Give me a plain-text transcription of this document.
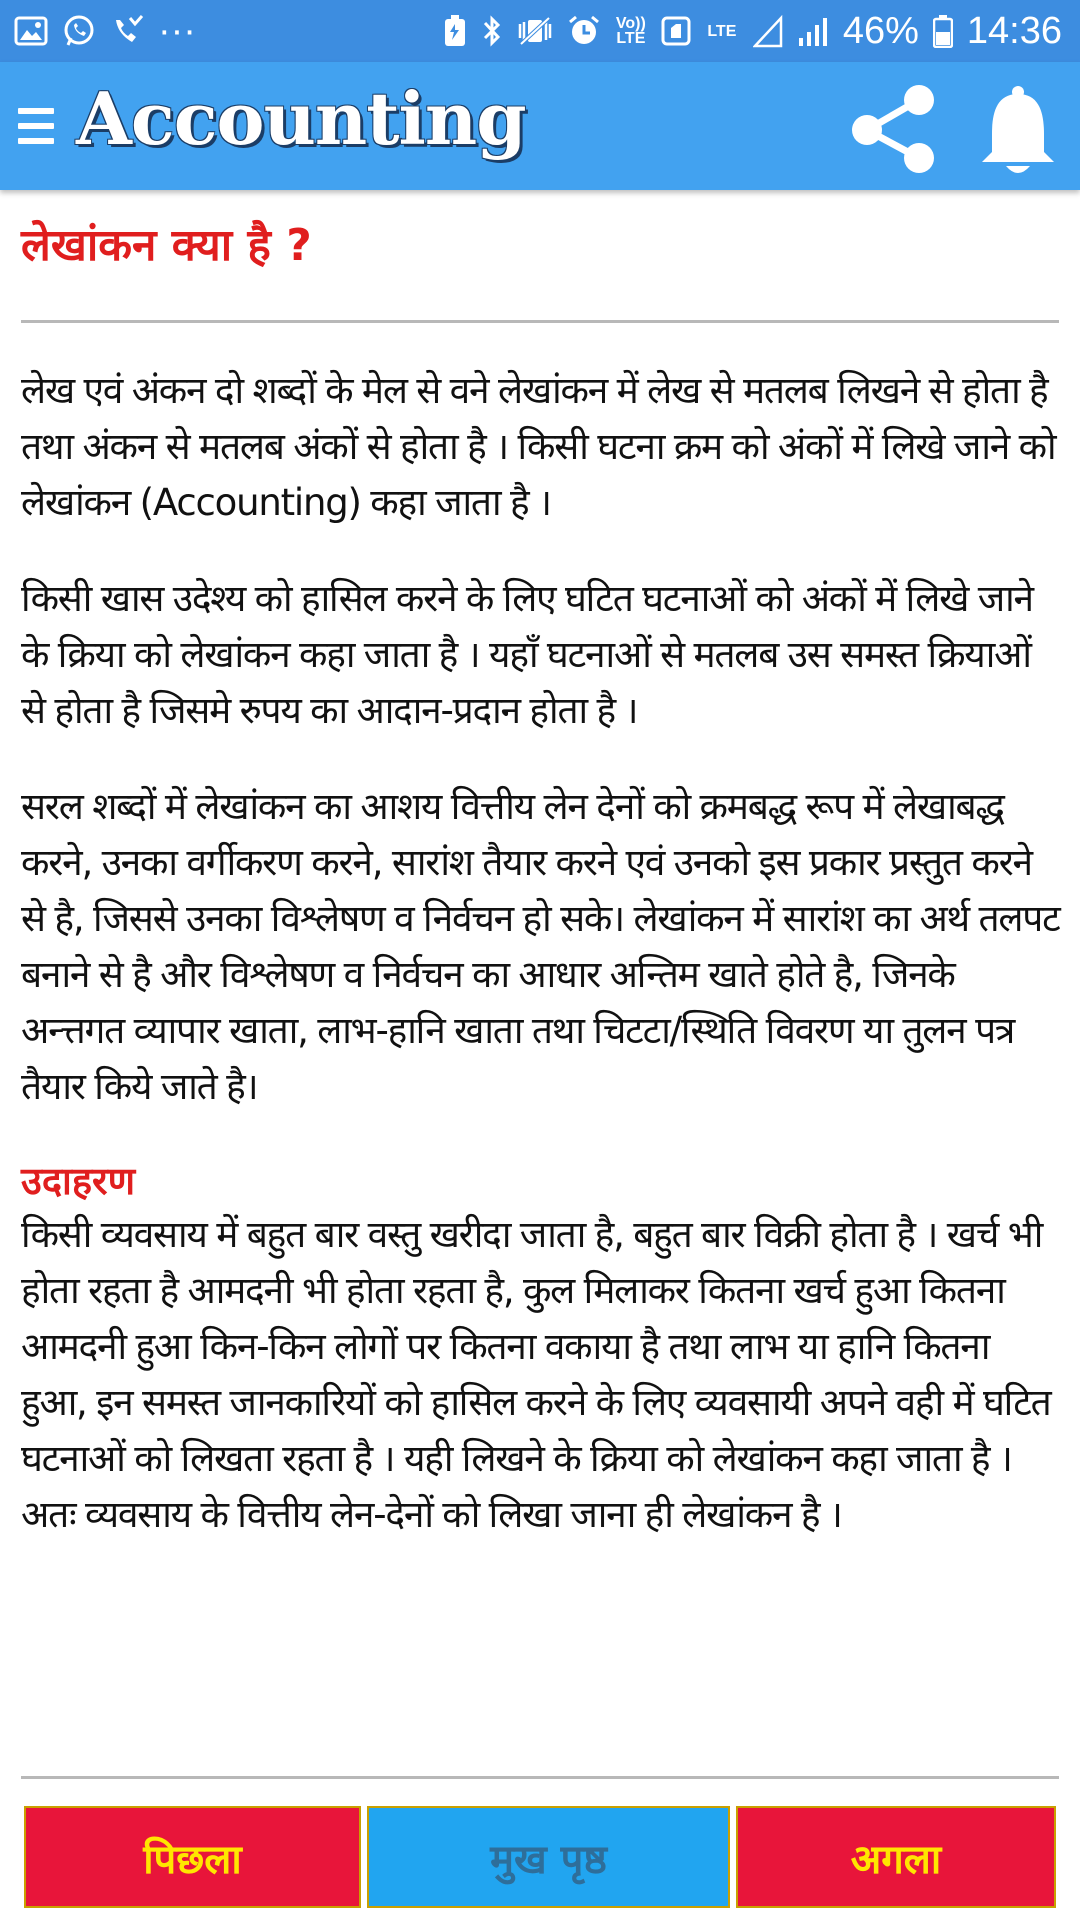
···	Vo)) LTE	LTE	46% 14:36
Accounting
लेखांकन क्या है ?

लेख एवं अंकन दो शब्दों के मेल से वने लेखांकन में लेख से मतलब लिखने से होता है तथा अंकन से मतलब अंकों से होता है । किसी घटना क्रम को अंकों में लिखे जाने को लेखांकन (Accounting) कहा जाता है ।

किसी खास उदेश्य को हासिल करने के लिए घटित घटनाओं को अंकों में लिखे जाने के क्रिया को लेखांकन कहा जाता है । यहाँ घटनाओं से मतलब उस समस्त क्रियाओं से होता है जिसमे रुपय का आदान-प्रदान होता है ।

सरल शब्दों में लेखांकन का आशय वित्तीय लेन देनों को क्रमबद्ध रूप में लेखाबद्ध करने, उनका वर्गीकरण करने, सारांश तैयार करने एवं उनको इस प्रकार प्रस्तुत करने से है, जिससे उनका विश्लेषण व निर्वचन हो सके। लेखांकन में सारांश का अर्थ तलपट बनाने से है और विश्लेषण व निर्वचन का आधार अन्तिम खाते होते है, जिनके अन्त्तगत व्यापार खाता, लाभ-हानि खाता तथा चिटटा/स्थिति विवरण या तुलन पत्र तैयार किये जाते है।

उदाहरण

किसी व्यवसाय में बहुत बार वस्तु खरीदा जाता है, बहुत बार विक्री होता है । खर्च भी होता रहता है आमदनी भी होता रहता है, कुल मिलाकर कितना खर्च हुआ कितना आमदनी हुआ किन-किन लोगों पर कितना वकाया है तथा लाभ या हानि कितना हुआ, इन समस्त जानकारियों को हासिल करने के लिए व्यवसायी अपने वही में घटित घटनाओं को लिखता रहता है । यही लिखने के क्रिया को लेखांकन कहा जाता है । अतः व्यवसाय के वित्तीय लेन-देनों को लिखा जाना ही लेखांकन है ।

पिछला	मुख पृष्ठ	अगला
